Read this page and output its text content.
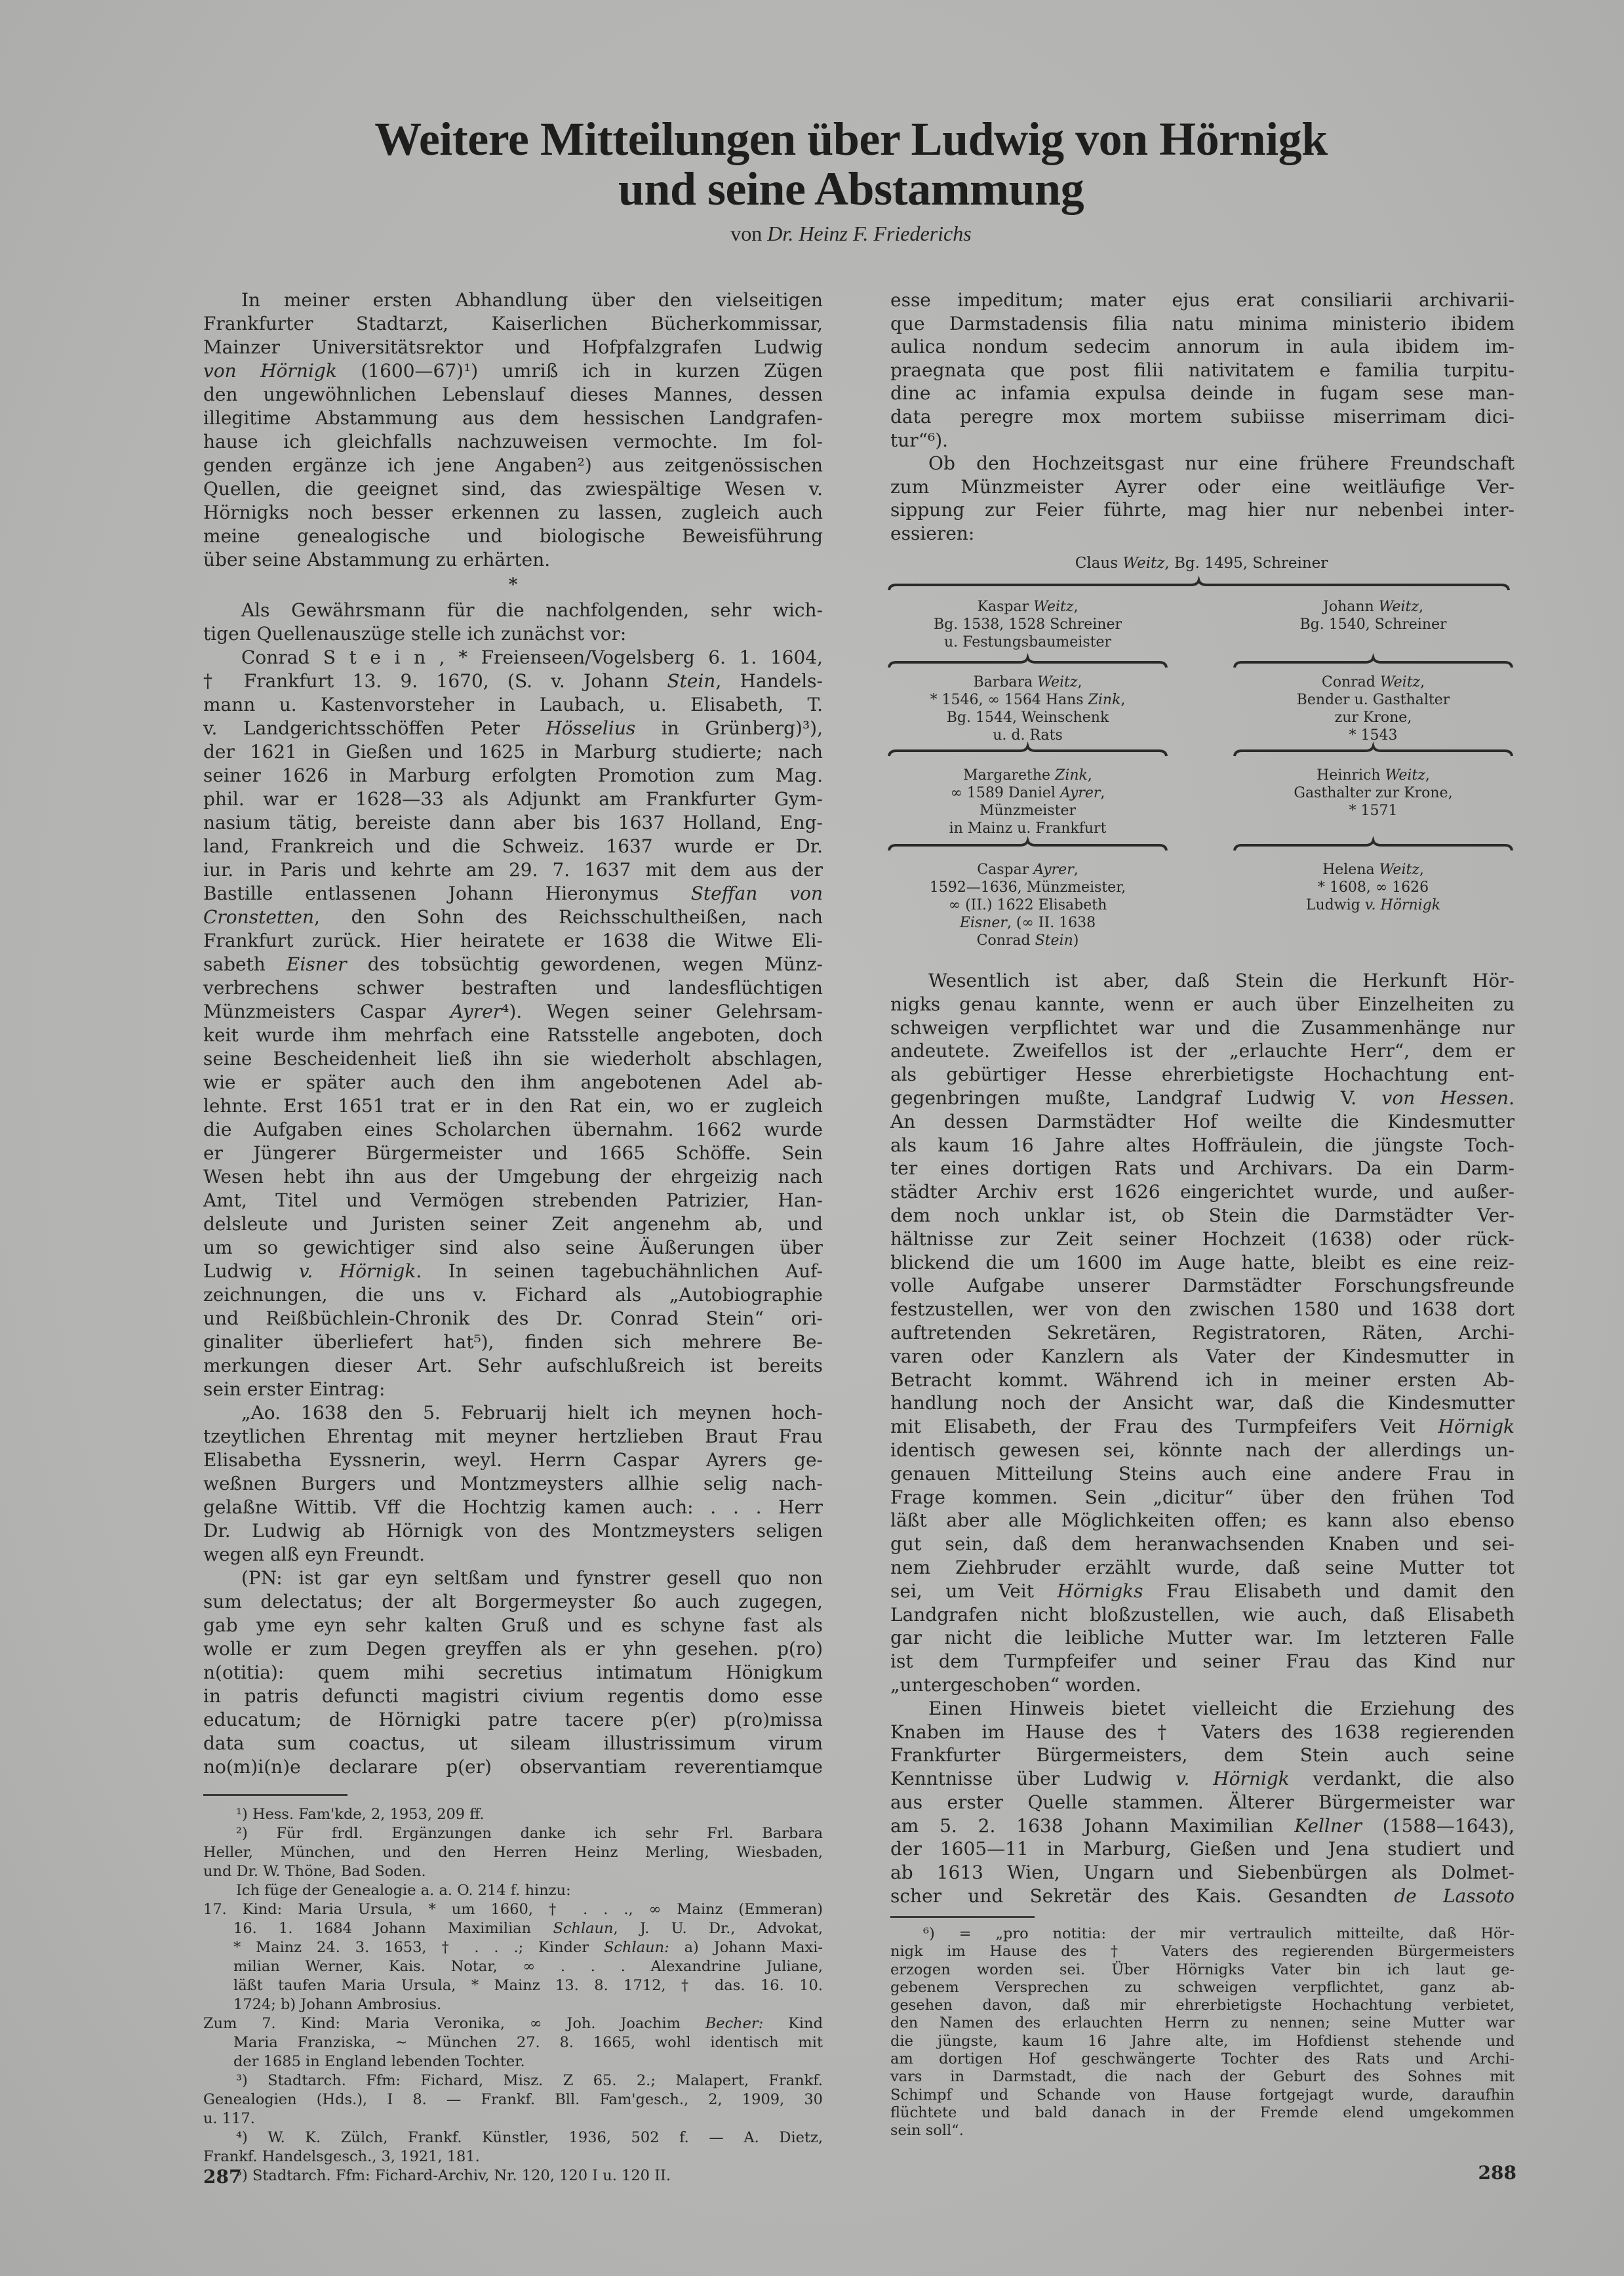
Weitere Mitteilungen über Ludwig von Hörnigk
und seine Abstammung
von Dr. Heinz F. Friederichs
In meiner ersten Abhandlung über den vielseitigen
Frankfurter Stadtarzt, Kaiserlichen Bücherkommissar,
Mainzer Universitätsrektor und Hofpfalzgrafen Ludwig
von Hörnigk (1600—67)¹) umriß ich in kurzen Zügen
den ungewöhnlichen Lebenslauf dieses Mannes, dessen
illegitime Abstammung aus dem hessischen Landgrafen-
hause ich gleichfalls nachzuweisen vermochte. Im fol-
genden ergänze ich jene Angaben²) aus zeitgenössischen
Quellen, die geeignet sind, das zwiespältige Wesen v.
Hörnigks noch besser erkennen zu lassen, zugleich auch
meine genealogische und biologische Beweisführung
über seine Abstammung zu erhärten.
*
Als Gewährsmann für die nachfolgenden, sehr wich-
tigen Quellenauszüge stelle ich zunächst vor:
Conrad S t e i n , * Freienseen/Vogelsberg 6. 1. 1604,
† Frankfurt 13. 9. 1670, (S. v. Johann Stein, Handels-
mann u. Kastenvorsteher in Laubach, u. Elisabeth, T.
v. Landgerichtsschöffen Peter Hösselius in Grünberg)³),
der 1621 in Gießen und 1625 in Marburg studierte; nach
seiner 1626 in Marburg erfolgten Promotion zum Mag.
phil. war er 1628—33 als Adjunkt am Frankfurter Gym-
nasium tätig, bereiste dann aber bis 1637 Holland, Eng-
land, Frankreich und die Schweiz. 1637 wurde er Dr.
iur. in Paris und kehrte am 29. 7. 1637 mit dem aus der
Bastille entlassenen Johann Hieronymus Steffan von
Cronstetten, den Sohn des Reichsschultheißen, nach
Frankfurt zurück. Hier heiratete er 1638 die Witwe Eli-
sabeth Eisner des tobsüchtig gewordenen, wegen Münz-
verbrechens schwer bestraften und landesflüchtigen
Münzmeisters Caspar Ayrer⁴). Wegen seiner Gelehrsam-
keit wurde ihm mehrfach eine Ratsstelle angeboten, doch
seine Bescheidenheit ließ ihn sie wiederholt abschlagen,
wie er später auch den ihm angebotenen Adel ab-
lehnte. Erst 1651 trat er in den Rat ein, wo er zugleich
die Aufgaben eines Scholarchen übernahm. 1662 wurde
er Jüngerer Bürgermeister und 1665 Schöffe. Sein
Wesen hebt ihn aus der Umgebung der ehrgeizig nach
Amt, Titel und Vermögen strebenden Patrizier, Han-
delsleute und Juristen seiner Zeit angenehm ab, und
um so gewichtiger sind also seine Äußerungen über
Ludwig v. Hörnigk. In seinen tagebuchähnlichen Auf-
zeichnungen, die uns v. Fichard als „Autobiographie
und Reißbüchlein-Chronik des Dr. Conrad Stein“ ori-
ginaliter überliefert hat⁵), finden sich mehrere Be-
merkungen dieser Art. Sehr aufschlußreich ist bereits
sein erster Eintrag:
„Ao. 1638 den 5. Februarij hielt ich meynen hoch-
tzeytlichen Ehrentag mit meyner hertzlieben Braut Frau
Elisabetha Eyssnerin, weyl. Herrn Caspar Ayrers ge-
weßnen Burgers und Montzmeysters allhie selig nach-
gelaßne Wittib. Vff die Hochtzig kamen auch: . . . Herr
Dr. Ludwig ab Hörnigk von des Montzmeysters seligen
wegen alß eyn Freundt.
(PN: ist gar eyn seltßam und fynstrer gesell quo non
sum delectatus; der alt Borgermeyster ßo auch zugegen,
gab yme eyn sehr kalten Gruß und es schyne fast als
wolle er zum Degen greyffen als er yhn gesehen. p(ro)
n(otitia): quem mihi secretius intimatum Hönigkum
in patris defuncti magistri civium regentis domo esse
educatum; de Hörnigki patre tacere p(er) p(ro)missa
data sum coactus, ut sileam illustrissimum virum
no(m)i(n)e declarare p(er) observantiam reverentiamque
esse impeditum; mater ejus erat consiliarii archivarii-
que Darmstadensis filia natu minima ministerio ibidem
aulica nondum sedecim annorum in aula ibidem im-
praegnata que post filii nativitatem e familia turpitu-
dine ac infamia expulsa deinde in fugam sese man-
data peregre mox mortem subiisse miserrimam dici-
tur“⁶).
Ob den Hochzeitsgast nur eine frühere Freundschaft
zum Münzmeister Ayrer oder eine weitläufige Ver-
sippung zur Feier führte, mag hier nur nebenbei inter-
essieren:
Claus Weitz, Bg. 1495, Schreiner
Kaspar Weitz,
Bg. 1538, 1528 Schreiner
u. Festungsbaumeister
Barbara Weitz,
* 1546, ∞ 1564 Hans Zink,
Bg. 1544, Weinschenk
u. d. Rats
Margarethe Zink,
∞ 1589 Daniel Ayrer,
Münzmeister
in Mainz u. Frankfurt
Caspar Ayrer,
1592—1636, Münzmeister,
∞ (II.) 1622 Elisabeth
Eisner, (∞ II. 1638
Conrad Stein)
Johann Weitz,
Bg. 1540, Schreiner
Conrad Weitz,
Bender u. Gasthalter
zur Krone,
* 1543
Heinrich Weitz,
Gasthalter zur Krone,
* 1571
Helena Weitz,
* 1608, ∞ 1626
Ludwig v. Hörnigk
Wesentlich ist aber, daß Stein die Herkunft Hör-
nigks genau kannte, wenn er auch über Einzelheiten zu
schweigen verpflichtet war und die Zusammenhänge nur
andeutete. Zweifellos ist der „erlauchte Herr“, dem er
als gebürtiger Hesse ehrerbietigste Hochachtung ent-
gegenbringen mußte, Landgraf Ludwig V. von Hessen.
An dessen Darmstädter Hof weilte die Kindesmutter
als kaum 16 Jahre altes Hoffräulein, die jüngste Toch-
ter eines dortigen Rats und Archivars. Da ein Darm-
städter Archiv erst 1626 eingerichtet wurde, und außer-
dem noch unklar ist, ob Stein die Darmstädter Ver-
hältnisse zur Zeit seiner Hochzeit (1638) oder rück-
blickend die um 1600 im Auge hatte, bleibt es eine reiz-
volle Aufgabe unserer Darmstädter Forschungsfreunde
festzustellen, wer von den zwischen 1580 und 1638 dort
auftretenden Sekretären, Registratoren, Räten, Archi-
varen oder Kanzlern als Vater der Kindesmutter in
Betracht kommt. Während ich in meiner ersten Ab-
handlung noch der Ansicht war, daß die Kindesmutter
mit Elisabeth, der Frau des Turmpfeifers Veit Hörnigk
identisch gewesen sei, könnte nach der allerdings un-
genauen Mitteilung Steins auch eine andere Frau in
Frage kommen. Sein „dicitur“ über den frühen Tod
läßt aber alle Möglichkeiten offen; es kann also ebenso
gut sein, daß dem heranwachsenden Knaben und sei-
nem Ziehbruder erzählt wurde, daß seine Mutter tot
sei, um Veit Hörnigks Frau Elisabeth und damit den
Landgrafen nicht bloßzustellen, wie auch, daß Elisabeth
gar nicht die leibliche Mutter war. Im letzteren Falle
ist dem Turmpfeifer und seiner Frau das Kind nur
„untergeschoben“ worden.
Einen Hinweis bietet vielleicht die Erziehung des
Knaben im Hause des † Vaters des 1638 regierenden
Frankfurter Bürgermeisters, dem Stein auch seine
Kenntnisse über Ludwig v. Hörnigk verdankt, die also
aus erster Quelle stammen. Älterer Bürgermeister war
am 5. 2. 1638 Johann Maximilian Kellner (1588—1643),
der 1605—11 in Marburg, Gießen und Jena studiert und
ab 1613 Wien, Ungarn und Siebenbürgen als Dolmet-
scher und Sekretär des Kais. Gesandten de Lassoto
¹) Hess. Fam'kde, 2, 1953, 209 ff.
²) Für frdl. Ergänzungen danke ich sehr Frl. Barbara
Heller, München, und den Herren Heinz Merling, Wiesbaden,
und Dr. W. Thöne, Bad Soden.
Ich füge der Genealogie a. a. O. 214 f. hinzu:
17. Kind: Maria Ursula, * um 1660, † . . ., ∞ Mainz (Emmeran)
16. 1. 1684 Johann Maximilian Schlaun, J. U. Dr., Advokat,
* Mainz 24. 3. 1653, † . . .; Kinder Schlaun: a) Johann Maxi-
milian Werner, Kais. Notar, ∞ . . . Alexandrine Juliane,
läßt taufen Maria Ursula, * Mainz 13. 8. 1712, † das. 16. 10.
1724; b) Johann Ambrosius.
Zum 7. Kind: Maria Veronika, ∞ Joh. Joachim Becher: Kind
Maria Franziska, ~ München 27. 8. 1665, wohl identisch mit
der 1685 in England lebenden Tochter.
³) Stadtarch. Ffm: Fichard, Misz. Z 65. 2.; Malapert, Frankf.
Genealogien (Hds.), I 8. — Frankf. Bll. Fam'gesch., 2, 1909, 30
u. 117.
⁴) W. K. Zülch, Frankf. Künstler, 1936, 502 f. — A. Dietz,
Frankf. Handelsgesch., 3, 1921, 181.
⁵) Stadtarch. Ffm: Fichard-Archiv, Nr. 120, 120 I u. 120 II.
⁶) = „pro notitia: der mir vertraulich mitteilte, daß Hör-
nigk im Hause des † Vaters des regierenden Bürgermeisters
erzogen worden sei. Über Hörnigks Vater bin ich laut ge-
gebenem Versprechen zu schweigen verpflichtet, ganz ab-
gesehen davon, daß mir ehrerbietigste Hochachtung verbietet,
den Namen des erlauchten Herrn zu nennen; seine Mutter war
die jüngste, kaum 16 Jahre alte, im Hofdienst stehende und
am dortigen Hof geschwängerte Tochter des Rats und Archi-
vars in Darmstadt, die nach der Geburt des Sohnes mit
Schimpf und Schande von Hause fortgejagt wurde, daraufhin
flüchtete und bald danach in der Fremde elend umgekommen
sein soll“.
287	288
